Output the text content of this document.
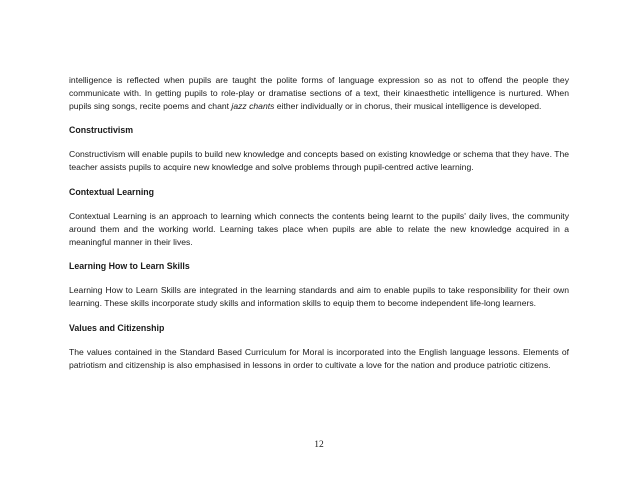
intelligence is reflected when pupils are taught the polite forms of language expression so as not to offend the people they communicate with. In getting pupils to role-play or dramatise sections of a text, their kinaesthetic intelligence is nurtured. When pupils sing songs, recite poems and chant jazz chants either individually or in chorus, their musical intelligence is developed.

Constructivism

Constructivism will enable pupils to build new knowledge and concepts based on existing knowledge or schema that they have. The teacher assists pupils to acquire new knowledge and solve problems through pupil-centred active learning.

Contextual Learning

Contextual Learning is an approach to learning which connects the contents being learnt to the pupils' daily lives, the community around them and the working world. Learning takes place when pupils are able to relate the new knowledge acquired in a meaningful manner in their lives.

Learning How to Learn Skills

Learning How to Learn Skills are integrated in the learning standards and aim to enable pupils to take responsibility for their own learning. These skills incorporate study skills and information skills to equip them to become independent life-long learners.

Values and Citizenship

The values contained in the Standard Based Curriculum for Moral is incorporated into the English language lessons. Elements of patriotism and citizenship is also emphasised in lessons in order to cultivate a love for the nation and produce patriotic citizens.

12
